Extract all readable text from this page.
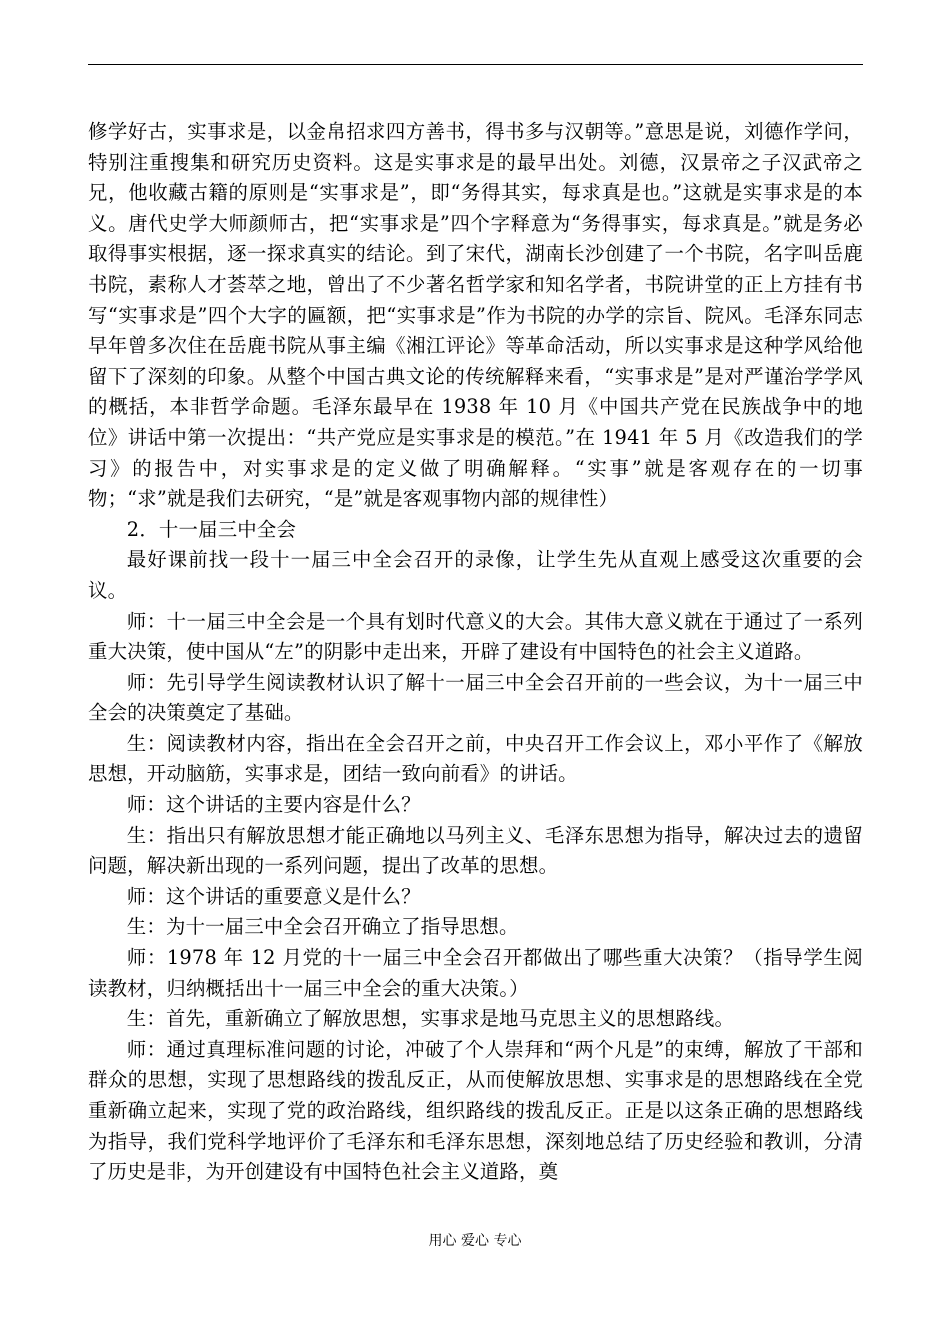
修学好古，实事求是，以金帛招求四方善书，得书多与汉朝等。”意思是说，刘德作学问，特别注重搜集和研究历史资料。这是实事求是的最早出处。刘德，汉景帝之子汉武帝之兄，他收藏古籍的原则是“实事求是”，即“务得其实，每求真是也。”这就是实事求是的本义。唐代史学大师颜师古，把“实事求是”四个字释意为“务得事实，每求真是。”就是务必取得事实根据，逐一探求真实的结论。到了宋代，湖南长沙创建了一个书院，名字叫岳鹿书院，素称人才荟萃之地，曾出了不少著名哲学家和知名学者，书院讲堂的正上方挂有书写“实事求是”四个大字的匾额，把“实事求是”作为书院的办学的宗旨、院风。毛泽东同志早年曾多次住在岳鹿书院从事主编《湘江评论》等革命活动，所以实事求是这种学风给他留下了深刻的印象。从整个中国古典文论的传统解释来看，“实事求是”是对严谨治学学风的概括，本非哲学命题。毛泽东最早在 1938 年 10 月《中国共产党在民族战争中的地位》讲话中第一次提出：“共产党应是实事求是的模范。”在 1941 年 5 月《改造我们的学习》的报告中，对实事求是的定义做了明确解释。“实事”就是客观存在的一切事物；“求”就是我们去研究，“是”就是客观事物内部的规律性）

2．十一届三中全会

最好课前找一段十一届三中全会召开的录像，让学生先从直观上感受这次重要的会议。

师：十一届三中全会是一个具有划时代意义的大会。其伟大意义就在于通过了一系列重大决策，使中国从“左”的阴影中走出来，开辟了建设有中国特色的社会主义道路。

师：先引导学生阅读教材认识了解十一届三中全会召开前的一些会议，为十一届三中全会的决策奠定了基础。

生：阅读教材内容，指出在全会召开之前，中央召开工作会议上，邓小平作了《解放思想，开动脑筋，实事求是，团结一致向前看》的讲话。

师：这个讲话的主要内容是什么？

生：指出只有解放思想才能正确地以马列主义、毛泽东思想为指导，解决过去的遗留问题，解决新出现的一系列问题，提出了改革的思想。

师：这个讲话的重要意义是什么？

生：为十一届三中全会召开确立了指导思想。

师：1978 年 12 月党的十一届三中全会召开都做出了哪些重大决策？（指导学生阅读教材，归纳概括出十一届三中全会的重大决策。）

生：首先，重新确立了解放思想，实事求是地马克思主义的思想路线。

师：通过真理标准问题的讨论，冲破了个人崇拜和“两个凡是”的束缚，解放了干部和群众的思想，实现了思想路线的拨乱反正，从而使解放思想、实事求是的思想路线在全党重新确立起来，实现了党的政治路线，组织路线的拨乱反正。正是以这条正确的思想路线为指导，我们党科学地评价了毛泽东和毛泽东思想，深刻地总结了历史经验和教训，分清了历史是非，为开创建设有中国特色社会主义道路，奠

用心 爱心 专心
